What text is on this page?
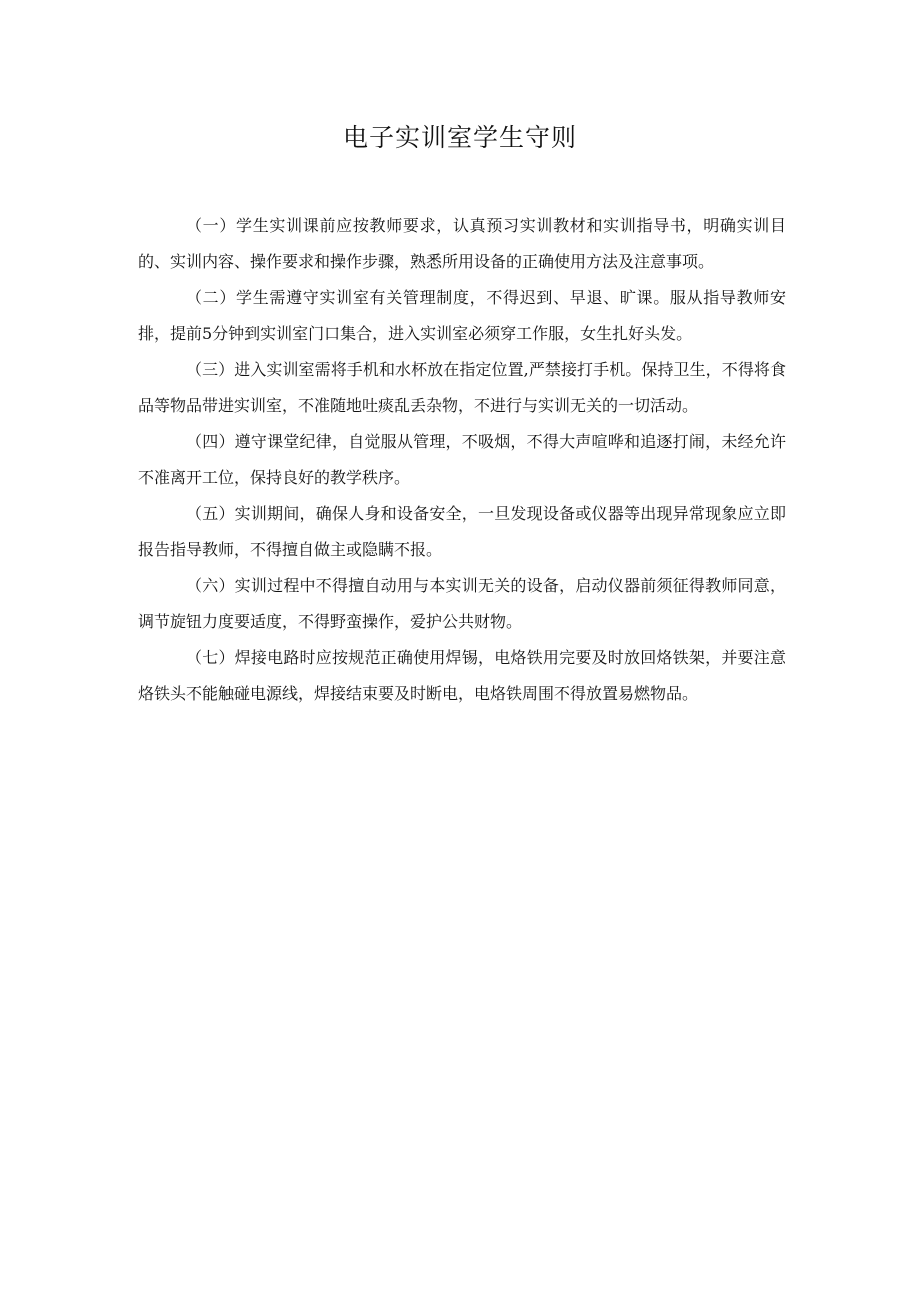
电子实训室学生守则

（一）学生实训课前应按教师要求，认真预习实训教材和实训指导书，明确实训目的、实训内容、操作要求和操作步骤，熟悉所用设备的正确使用方法及注意事项。

（二）学生需遵守实训室有关管理制度，不得迟到、早退、旷课。服从指导教师安排，提前5分钟到实训室门口集合，进入实训室必须穿工作服，女生扎好头发。

（三）进入实训室需将手机和水杯放在指定位置,严禁接打手机。保持卫生，不得将食品等物品带进实训室，不准随地吐痰乱丢杂物，不进行与实训无关的一切活动。

（四）遵守课堂纪律，自觉服从管理，不吸烟，不得大声喧哗和追逐打闹，未经允许不准离开工位，保持良好的教学秩序。

（五）实训期间，确保人身和设备安全，一旦发现设备或仪器等出现异常现象应立即报告指导教师，不得擅自做主或隐瞒不报。

（六）实训过程中不得擅自动用与本实训无关的设备，启动仪器前须征得教师同意，调节旋钮力度要适度，不得野蛮操作，爱护公共财物。

（七）焊接电路时应按规范正确使用焊锡，电烙铁用完要及时放回烙铁架，并要注意烙铁头不能触碰电源线，焊接结束要及时断电，电烙铁周围不得放置易燃物品。
